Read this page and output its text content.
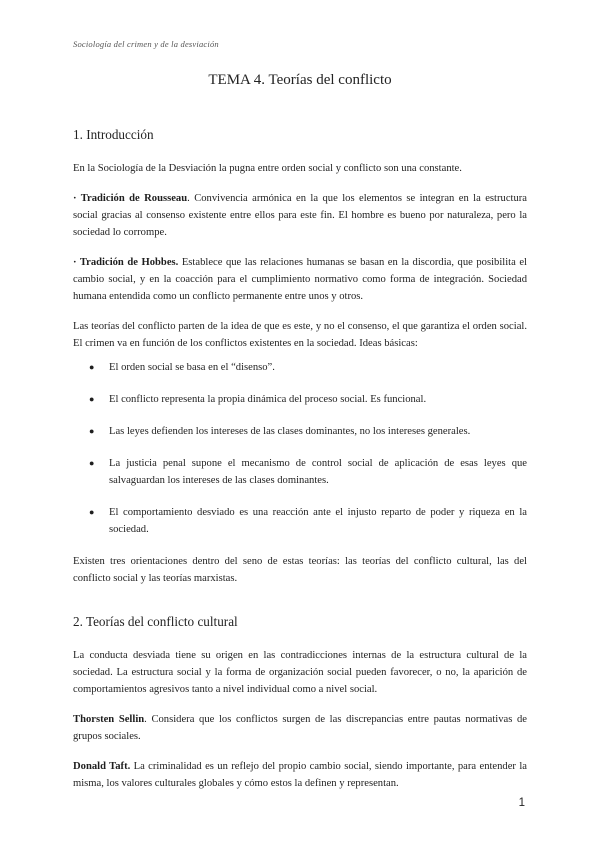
Sociología del crimen y de la desviación
TEMA 4. Teorías del conflicto
1. Introducción

En la Sociología de la Desviación la pugna entre orden social y conflicto son una constante.

· Tradición de Rousseau. Convivencia armónica en la que los elementos se integran en la estructura social gracias al consenso existente entre ellos para este fin. El hombre es bueno por naturaleza, pero la sociedad lo corrompe.

· Tradición de Hobbes. Establece que las relaciones humanas se basan en la discordia, que posibilita el cambio social, y en la coacción para el cumplimiento normativo como forma de integración. Sociedad humana entendida como un conflicto permanente entre unos y otros.

Las teorías del conflicto parten de la idea de que es este, y no el consenso, el que garantiza el orden social. El crimen va en función de los conflictos existentes en la sociedad. Ideas básicas:

● El orden social se basa en el “disenso”.
● El conflicto representa la propia dinámica del proceso social. Es funcional.
● Las leyes defienden los intereses de las clases dominantes, no los intereses generales.
● La justicia penal supone el mecanismo de control social de aplicación de esas leyes que salvaguardan los intereses de las clases dominantes.
● El comportamiento desviado es una reacción ante el injusto reparto de poder y riqueza en la sociedad.

Existen tres orientaciones dentro del seno de estas teorías: las teorías del conflicto cultural, las del conflicto social y las teorías marxistas.

2. Teorías del conflicto cultural

La conducta desviada tiene su origen en las contradicciones internas de la estructura cultural de la sociedad. La estructura social y la forma de organización social pueden favorecer, o no, la aparición de comportamientos agresivos tanto a nivel individual como a nivel social.

Thorsten Sellin. Considera que los conflictos surgen de las discrepancias entre pautas normativas de grupos sociales.

Donald Taft. La criminalidad es un reflejo del propio cambio social, siendo importante, para entender la misma, los valores culturales globales y cómo estos la definen y representan.

1
